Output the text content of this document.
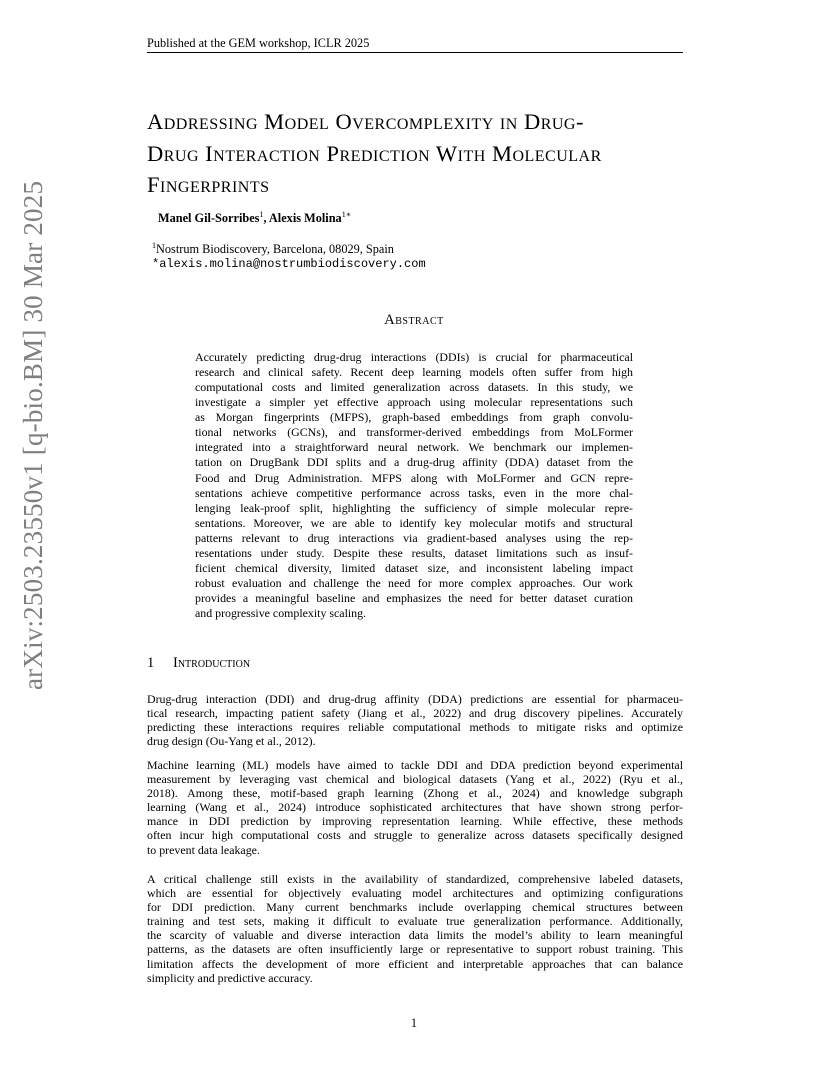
Published at the GEM workshop, ICLR 2025
arXiv:2503.23550v1 [q-bio.BM] 30 Mar 2025
Addressing Model Overcomplexity in Drug-
Drug Interaction Prediction With Molecular
Fingerprints
Manel Gil-Sorribes$^1$, Alexis Molina$^{1∗}$
$^1$Nostrum Biodiscovery, Barcelona, 08029, Spain
*alexis.molina@nostrumbiodiscovery.com
Abstract
Accurately predicting drug-drug interactions (DDIs) is crucial for pharmaceutical
research and clinical safety. Recent deep learning models often suffer from high
computational costs and limited generalization across datasets. In this study, we
investigate a simpler yet effective approach using molecular representations such
as Morgan fingerprints (MFPS), graph-based embeddings from graph convolu-
tional networks (GCNs), and transformer-derived embeddings from MoLFormer
integrated into a straightforward neural network. We benchmark our implemen-
tation on DrugBank DDI splits and a drug-drug affinity (DDA) dataset from the
Food and Drug Administration. MFPS along with MoLFormer and GCN repre-
sentations achieve competitive performance across tasks, even in the more chal-
lenging leak-proof split, highlighting the sufficiency of simple molecular repre-
sentations. Moreover, we are able to identify key molecular motifs and structural
patterns relevant to drug interactions via gradient-based analyses using the rep-
resentations under study. Despite these results, dataset limitations such as insuf-
ficient chemical diversity, limited dataset size, and inconsistent labeling impact
robust evaluation and challenge the need for more complex approaches. Our work
provides a meaningful baseline and emphasizes the need for better dataset curation
and progressive complexity scaling.
1 Introduction
Drug-drug interaction (DDI) and drug-drug affinity (DDA) predictions are essential for pharmaceu-
tical research, impacting patient safety (Jiang et al., 2022) and drug discovery pipelines. Accurately
predicting these interactions requires reliable computational methods to mitigate risks and optimize
drug design (Ou-Yang et al., 2012).
Machine learning (ML) models have aimed to tackle DDI and DDA prediction beyond experimental
measurement by leveraging vast chemical and biological datasets (Yang et al., 2022) (Ryu et al.,
2018). Among these, motif-based graph learning (Zhong et al., 2024) and knowledge subgraph
learning (Wang et al., 2024) introduce sophisticated architectures that have shown strong perfor-
mance in DDI prediction by improving representation learning. While effective, these methods
often incur high computational costs and struggle to generalize across datasets specifically designed
to prevent data leakage.
A critical challenge still exists in the availability of standardized, comprehensive labeled datasets,
which are essential for objectively evaluating model architectures and optimizing configurations
for DDI prediction. Many current benchmarks include overlapping chemical structures between
training and test sets, making it difficult to evaluate true generalization performance. Additionally,
the scarcity of valuable and diverse interaction data limits the model’s ability to learn meaningful
patterns, as the datasets are often insufficiently large or representative to support robust training. This
limitation affects the development of more efficient and interpretable approaches that can balance
simplicity and predictive accuracy.
1
